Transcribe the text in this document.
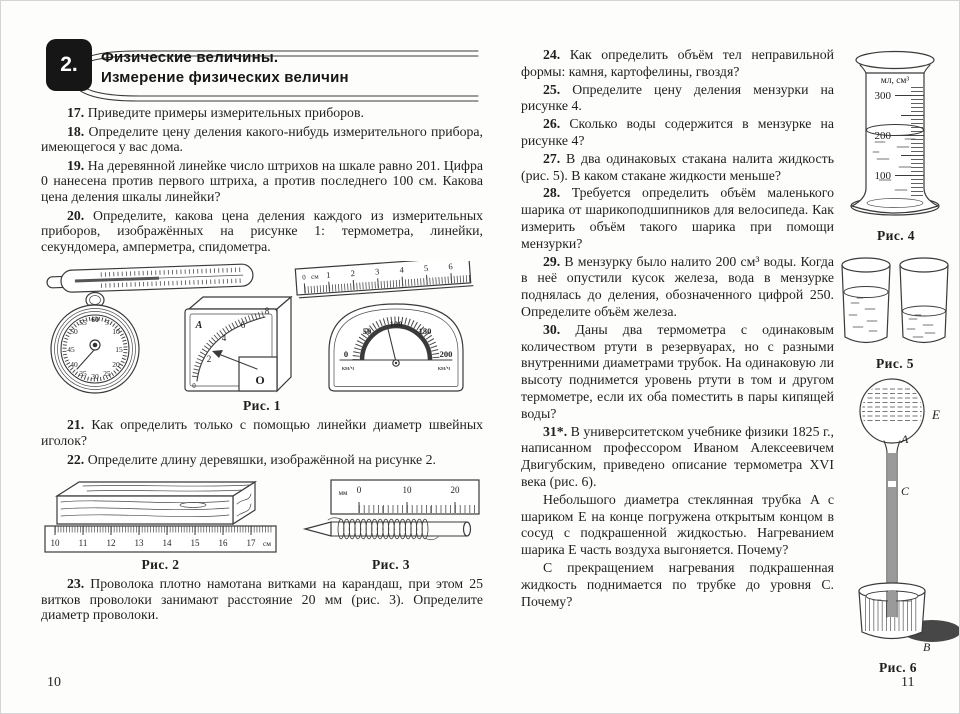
2. Физические величины.
Измерение физических величин

17. Приведите примеры измерительных приборов.

18. Определите цену деления какого-нибудь измерительного прибора, имеющегося у вас дома.

19. На деревянной линейке число штрихов на шкале равно 201. Цифра 0 нанесена против первого штриха, а против последнего 100 см. Какова цена деления шкалы линейки?

20. Определите, какова цена деления каждого из измерительных приборов, изображённых на рисунке 1: термометра, линейки, секундомера, амперметра, спидометра.

0 см 1 2 3 4 5 6
60 5
10
15
20
25
30
35
40
45
50
55	A
2
4
6
8
0	O
0
50
100
150
200
км/ч	км/ч
Рис. 1

21. Как определить только с помощью линейки диаметр швейных иголок?

22. Определите длину деревяшки, изображённой на рисунке 2.

10 11 12 13 14 15 16 17 см
Рис. 2
мм 0	10	20
Рис. 3

23. Проволока плотно намотана витками на карандаш, при этом 25 витков проволоки занимают расстояние 20 мм (рис. 3). Определите диаметр проволоки.

10

24. Как определить объём тел неправильной формы: камня, картофелины, гвоздя?

25. Определите цену деления мензурки на рисунке 4.

26. Сколько воды содержится в мензурке на рисунке 4?

27. В два одинаковых стакана налита жидкость (рис. 5). В каком стакане жидкости меньше?

28. Требуется определить объём маленького шарика от шарикоподшипников для велосипеда. Как измерить объём такого шарика при помощи мензурки?

29. В мензурку было налито 200 см³ воды. Когда в неё опустили кусок железа, вода в мензурке поднялась до деления, обозначенного цифрой 250. Определите объём железа.

30. Даны два термометра с одинаковым количеством ртути в резервуарах, но с разными внутренними диаметрами трубок. На одинаковую ли высоту поднимется уровень ртути в том и другом термометре, если их оба поместить в пары кипящей воды?

31*. В университетском учебнике физики 1825 г., написанном профессором Иваном Алексеевичем Двигубским, приведено описание термометра XVI века (рис. 6).

Небольшого диаметра стеклянная трубка A с шариком E на конце погружена открытым концом в сосуд с подкрашенной жидкостью. Нагреванием шарика E часть воздуха выгоняется. Почему?

С прекращением нагревания подкрашенная жидкость поднимается по трубке до уровня C. Почему?

мл, см³
300
200
100
Рис. 4
Рис. 5
E
A
C
B
Рис. 6
11
